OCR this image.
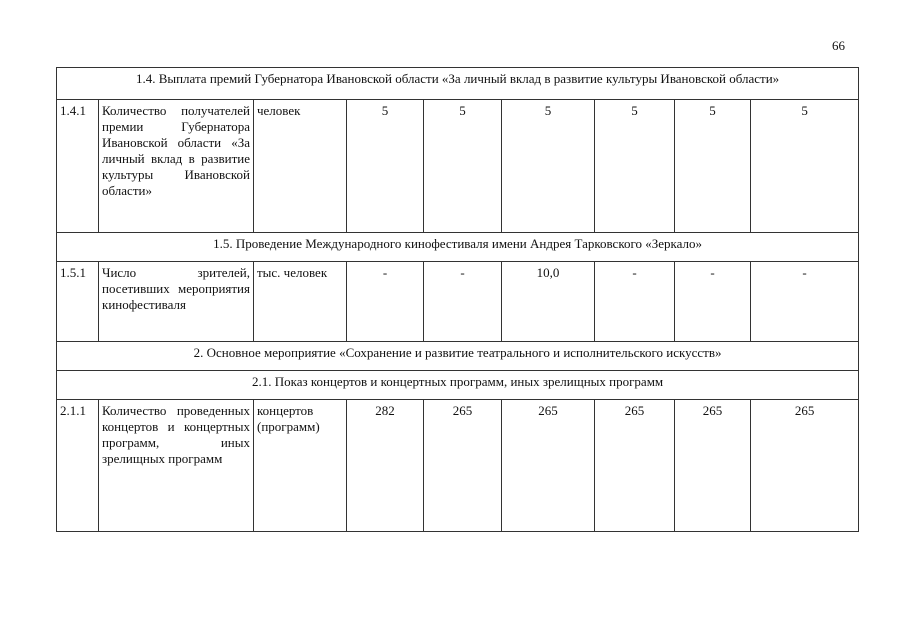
66
1.4. Выплата премий Губернатора Ивановской области «За личный вклад в развитие культуры Ивановской области»								
1.4.1	Количество получателей премии Губернатора Ивановской области «За личный вклад в развитие культуры Ивановской области»	человек	5	5	5	5	5	5
1.5. Проведение Международного кинофестиваля имени Андрея Тарковского «Зеркало»								
1.5.1	Число зрителей, посетивших мероприятия кинофестиваля	тыс. человек	-	-	10,0	-	-	-
2. Основное мероприятие «Сохранение и развитие театрального и исполнительского искусств»								
2.1. Показ концертов и концертных программ, иных зрелищных программ								
2.1.1	Количество проведенных концертов и концертных программ, иных зрелищных программ	концертов (программ)	282	265	265	265	265	265
